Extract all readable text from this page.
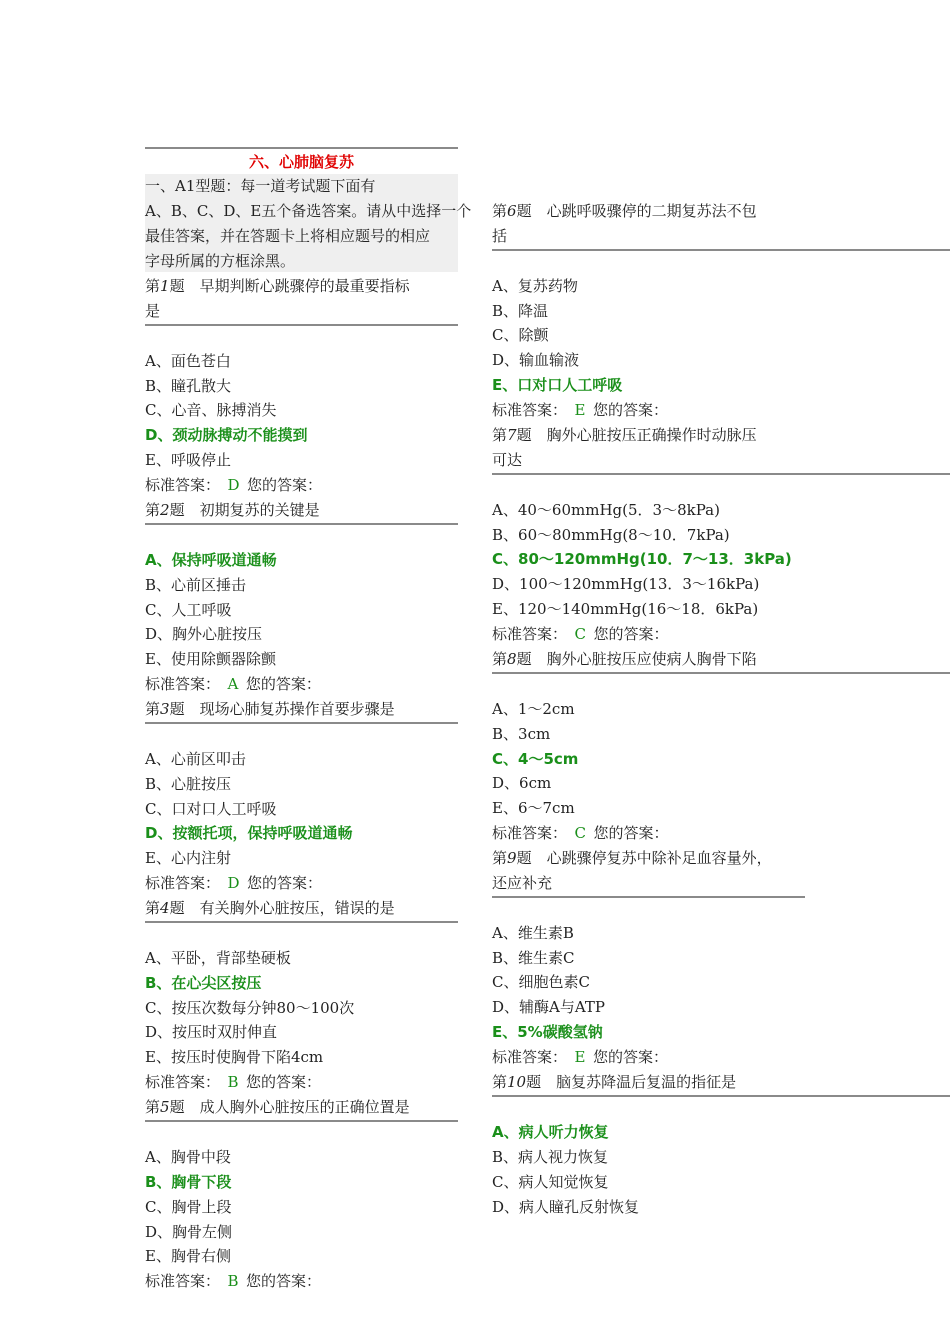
六、心肺脑复苏
一、A1型题：每一道考试题下面有
A、B、C、D、E五个备选答案。请从中选择一个
最佳答案，并在答题卡上将相应题号的相应
字母所属的方框涂黑。
第1题　早期判断心跳骤停的最重要指标
是
A、面色苍白
B、瞳孔散大
C、心音、脉搏消失
D、颈动脉搏动不能摸到
E、呼吸停止
标准答案： D 您的答案：
第2题　初期复苏的关键是
A、保持呼吸道通畅
B、心前区捶击
C、人工呼吸
D、胸外心脏按压
E、使用除颤器除颤
标准答案： A 您的答案：
第3题　现场心肺复苏操作首要步骤是
A、心前区叩击
B、心脏按压
C、口对口人工呼吸
D、按额托项，保持呼吸道通畅
E、心内注射
标准答案： D 您的答案：
第4题　有关胸外心脏按压，错误的是
A、平卧，背部垫硬板
B、在心尖区按压
C、按压次数每分钟80～100次
D、按压时双肘伸直
E、按压时使胸骨下陷4cm
标准答案： B 您的答案：
第5题　成人胸外心脏按压的正确位置是
A、胸骨中段
B、胸骨下段
C、胸骨上段
D、胸骨左侧
E、胸骨右侧
标准答案： B 您的答案：
第6题　心跳呼吸骤停的二期复苏法不包
括
A、复苏药物
B、降温
C、除颤
D、输血输液
E、口对口人工呼吸
标准答案： E 您的答案：
第7题　胸外心脏按压正确操作时动脉压
可达
A、40～60mmHg(5．3～8kPa)
B、60～80mmHg(8～10．7kPa)
C、80～120mmHg(10．7～13．3kPa)
D、100～120mmHg(13．3～16kPa)
E、120～140mmHg(16～18．6kPa)
标准答案： C 您的答案：
第8题　胸外心脏按压应使病人胸骨下陷
A、1～2cm
B、3cm
C、4～5cm
D、6cm
E、6～7cm
标准答案： C 您的答案：
第9题　心跳骤停复苏中除补足血容量外，
还应补充
A、维生素B
B、维生素C
C、细胞色素C
D、辅酶A与ATP
E、5%碳酸氢钠
标准答案： E 您的答案：
第10题　脑复苏降温后复温的指征是
A、病人听力恢复
B、病人视力恢复
C、病人知觉恢复
D、病人瞳孔反射恢复
